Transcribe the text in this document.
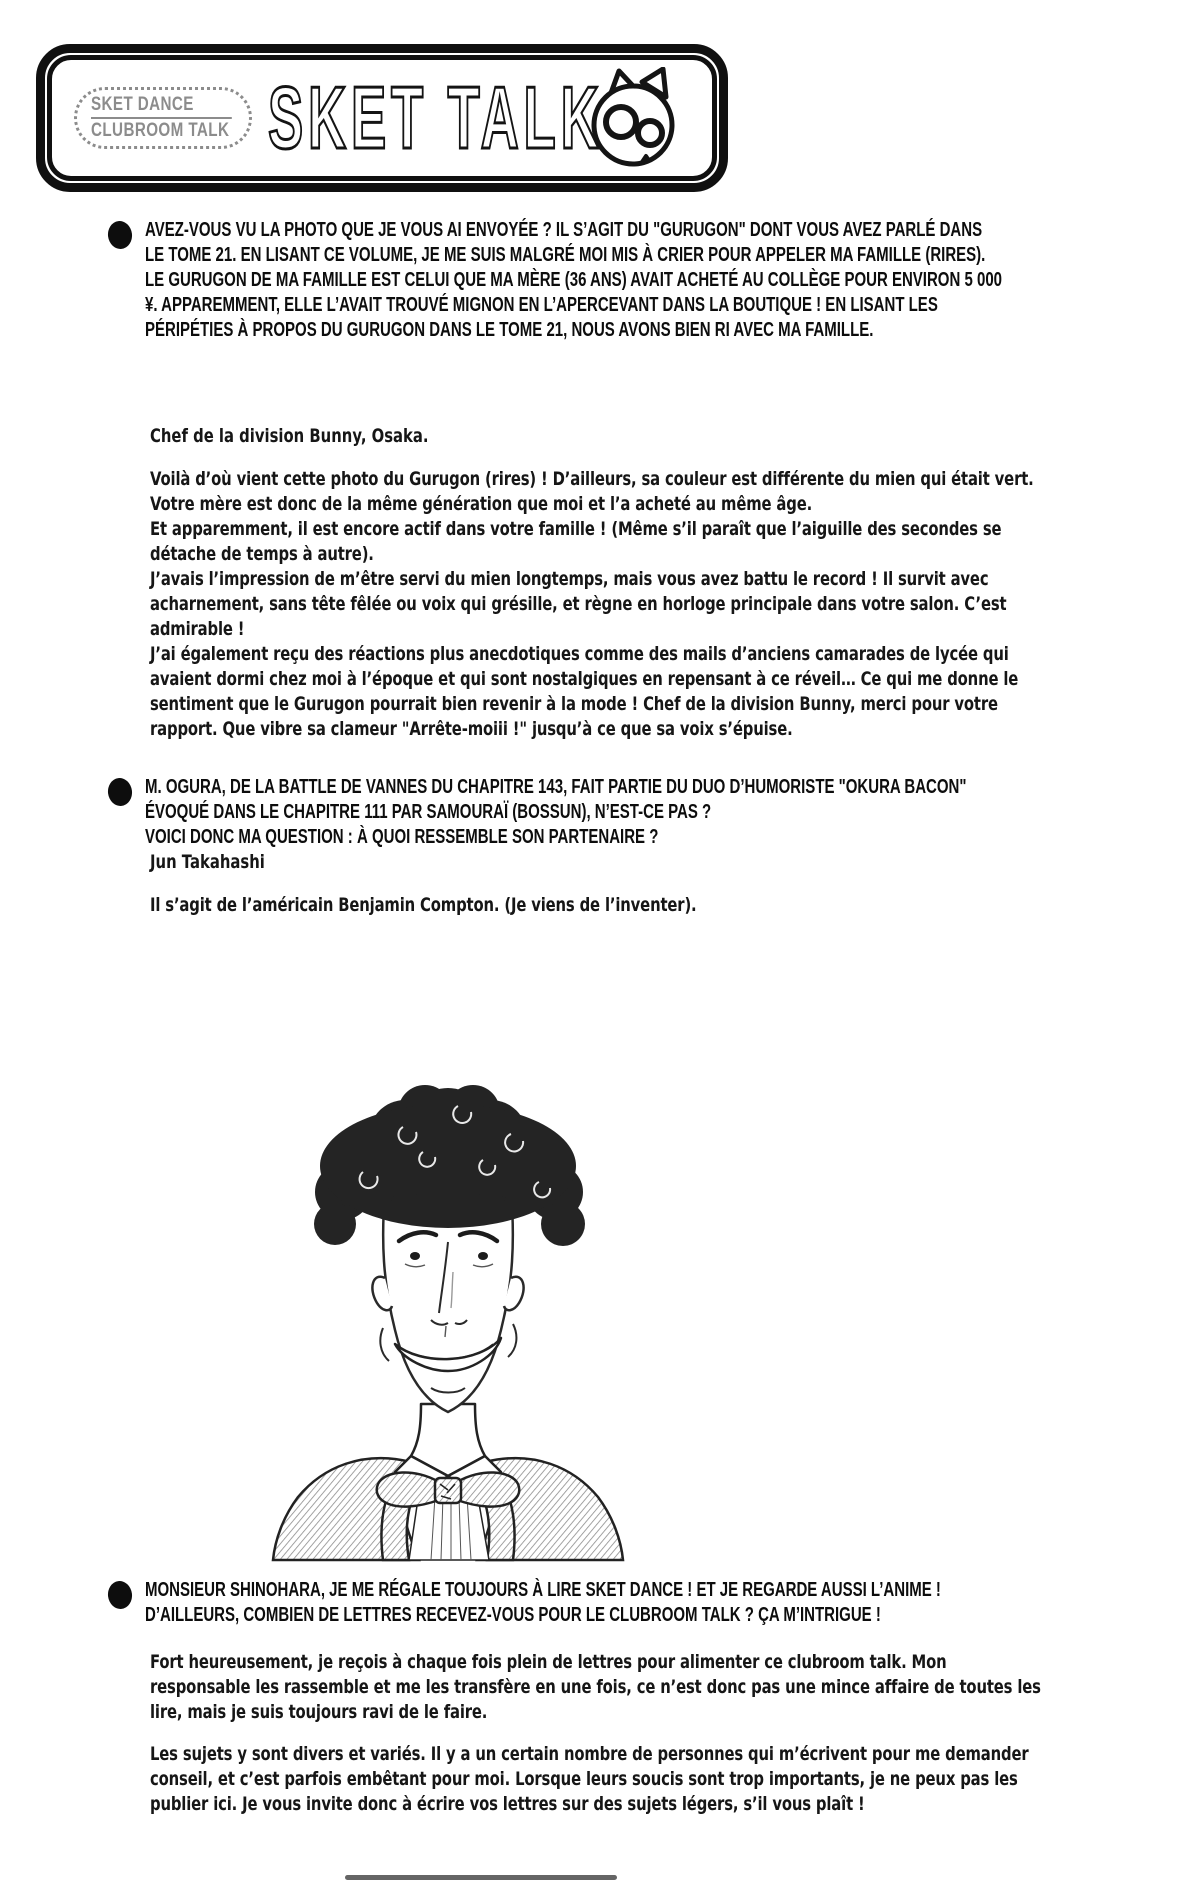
SKET DANCE
CLUBROOM TALK SKET TALK

AVEZ-VOUS VU LA PHOTO QUE JE VOUS AI ENVOYÉE ? IL S’AGIT DU "GURUGON" DONT VOUS AVEZ PARLÉ DANS LE TOME 21. EN LISANT CE VOLUME, JE ME SUIS MALGRÉ MOI MIS À CRIER POUR APPELER MA FAMILLE (RIRES).

LE GURUGON DE MA FAMILLE EST CELUI QUE MA MÈRE (36 ANS) AVAIT ACHETÉ AU COLLÈGE POUR ENVIRON 5 000 ¥. APPAREMMENT, ELLE L’AVAIT TROUVÉ MIGNON EN L’APERCEVANT DANS LA BOUTIQUE ! EN LISANT LES PÉRIPÉTIES À PROPOS DU GURUGON DANS LE TOME 21, NOUS AVONS BIEN RI AVEC MA FAMILLE.

Chef de la division Bunny, Osaka.

Voilà d’où vient cette photo du Gurugon (rires) ! D’ailleurs, sa couleur est différente du mien qui était vert.

Votre mère est donc de la même génération que moi et l’a acheté au même âge.

Et apparemment, il est encore actif dans votre famille ! (Même s’il paraît que l’aiguille des secondes se détache de temps à autre).

J’avais l’impression de m’être servi du mien longtemps, mais vous avez battu le record ! Il survit avec acharnement, sans tête fêlée ou voix qui grésille, et règne en horloge principale dans votre salon. C’est admirable !

J’ai également reçu des réactions plus anecdotiques comme des mails d’anciens camarades de lycée qui avaient dormi chez moi à l’époque et qui sont nostalgiques en repensant à ce réveil… Ce qui me donne le sentiment que le Gurugon pourrait bien revenir à la mode ! Chef de la division Bunny, merci pour votre rapport. Que vibre sa clameur "Arrête-moiii !" jusqu’à ce que sa voix s’épuise.

M. OGURA, DE LA BATTLE DE VANNES DU CHAPITRE 143, FAIT PARTIE DU DUO D’HUMORISTE "OKURA BACON" ÉVOQUÉ DANS LE CHAPITRE 111 PAR SAMOURAÏ (BOSSUN), N’EST-CE PAS ?

VOICI DONC MA QUESTION : À QUOI RESSEMBLE SON PARTENAIRE ?

Jun Takahashi

Il s’agit de l’américain Benjamin Compton. (Je viens de l’inventer).

MONSIEUR SHINOHARA, JE ME RÉGALE TOUJOURS À LIRE SKET DANCE ! ET JE REGARDE AUSSI L’ANIME ! D’AILLEURS, COMBIEN DE LETTRES RECEVEZ-VOUS POUR LE CLUBROOM TALK ? ÇA M’INTRIGUE !

Fort heureusement, je reçois à chaque fois plein de lettres pour alimenter ce clubroom talk. Mon responsable les rassemble et me les transfère en une fois, ce n’est donc pas une mince affaire de toutes les lire, mais je suis toujours ravi de le faire.

Les sujets y sont divers et variés. Il y a un certain nombre de personnes qui m’écrivent pour me demander conseil, et c’est parfois embêtant pour moi. Lorsque leurs soucis sont trop importants, je ne peux pas les publier ici. Je vous invite donc à écrire vos lettres sur des sujets légers, s’il vous plaît !
